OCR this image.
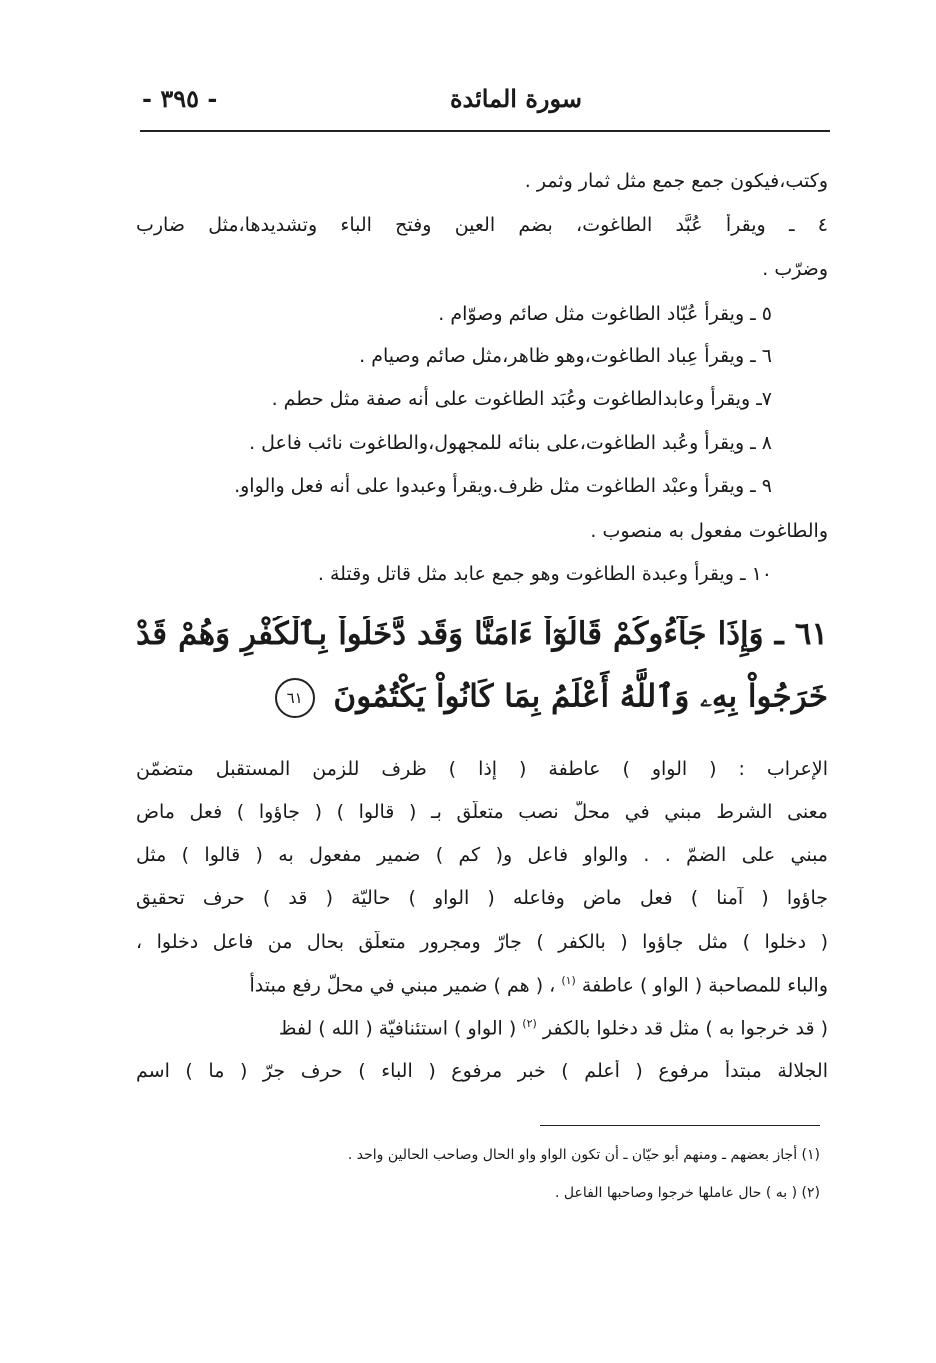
سورة المائدة
- ٣٩٥ -
وكتب،فيكون جمع جمع مثل ثمار وثمر .
٤ ـ ويقرأ عُبَّد الطاغوت، بضم العين وفتح الباء وتشديدها،مثل ضارب
وضرّب .
٥ ـ ويقرأ عُبّاد الطاغوت مثل صائم وصوّام .
٦ ـ ويقرأ عِباد الطاغوت،وهو ظاهر،مثل صائم وصيام .
٧ـ ويقرأ وعابدالطاغوت وعُبَد الطاغوت على أنه صفة مثل حطم .
٨ ـ ويقرأ وعُبد الطاغوت،على بنائه للمجهول،والطاغوت نائب فاعل .
٩ ـ ويقرأ وعبْد الطاغوت مثل ظرف.ويقرأ وعبدوا على أنه فعل والواو.
والطاغوت مفعول به منصوب .
١٠ ـ ويقرأ وعبدة الطاغوت وهو جمع عابد مثل قاتل وقتلة .
٦١ ـ وَإِذَا جَآءُوكُمْ قَالُوٓاْ ءَامَنَّا وَقَد دَّخَلُواْ بِٱلْكُفْرِ وَهُمْ قَدْ
خَرَجُواْ بِهِۦ وَٱللَّهُ أَعْلَمُ بِمَا كَانُواْ يَكْتُمُونَ ٦١
الإعراب : ( الواو ) عاطفة ( إذا ) ظرف للزمن المستقبل متضمّن
معنى الشرط مبني في محلّ نصب متعلّق بـ ( قالوا ) ( جاؤوا ) فعل ماض
مبني على الضمّ . . والواو فاعل و( كم ) ضمير مفعول به ( قالوا ) مثل
جاؤوا ( آمنا ) فعل ماض وفاعله ( الواو ) حاليّة ( قد ) حرف تحقيق
( دخلوا ) مثل جاؤوا ( بالكفر ) جارّ ومجرور متعلّق بحال من فاعل دخلوا ،
والباء للمصاحبة ( الواو ) عاطفة $^{(١)}$ ، ( هم ) ضمير مبني في محلّ رفع مبتدأ
( قد خرجوا به ) مثل قد دخلوا بالكفر $^{(٢)}$ ( الواو ) استئنافيّة ( الله ) لفظ
الجلالة مبتدأ مرفوع ( أعلم ) خبر مرفوع ( الباء ) حرف جرّ ( ما ) اسم
(١) أجاز بعضهم ـ ومنهم أبو حيّان ـ أن تكون الواو واو الحال وصاحب الحالين واحد .
(٢) ( به ) حال عاملها خرجوا وصاحبها الفاعل .
